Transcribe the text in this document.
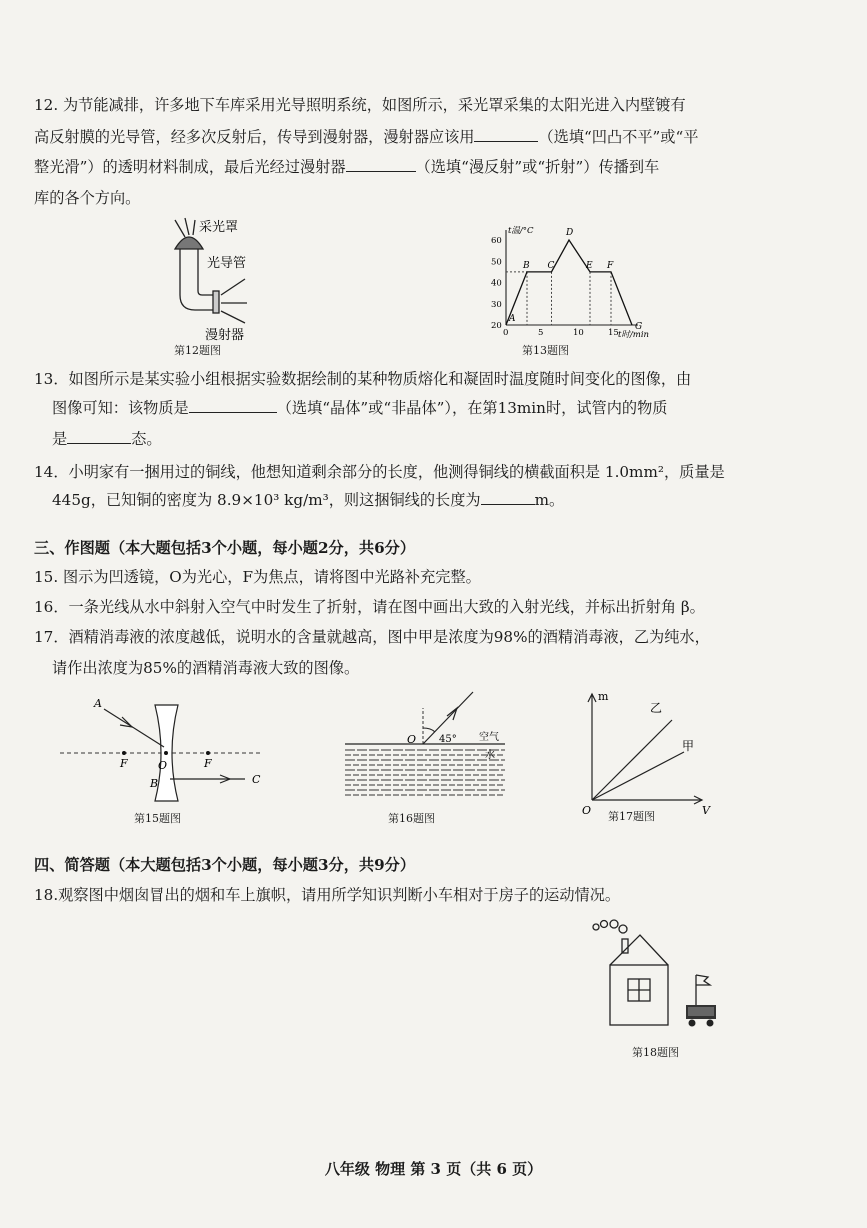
12. 为节能减排，许多地下车库采用光导照明系统，如图所示，采光罩采集的太阳光进入内壁镀有
高反射膜的光导管，经多次反射后，传导到漫射器，漫射器应该用	（选填“凹凸不平”或“平
整光滑”）的透明材料制成，最后光经过漫射器	（选填“漫反射”或“折射”）传播到车
库的各个方向。
采光罩
光导管
漫射器
第12题图
60
50
40
30
20
0	5	10	15
A
B C
D
E F
G
t温/°C
t时/min
第13题图
13．如图所示是某实验小组根据实验数据绘制的某种物质熔化和凝固时温度随时间变化的图像，由
图像可知：该物质是	（选填“晶体”或“非晶体”），在第13min时，试管内的物质
是	态。
14．小明家有一捆用过的铜线，他想知道剩余部分的长度，他测得铜线的横截面积是 1.0mm²，质量是
445g，已知铜的密度为 8.9×10³ kg/m³，则这捆铜线的长度为	m。
三、作图题（本大题包括3个小题，每小题2分，共6分）
15. 图示为凹透镜，O为光心，F为焦点，请将图中光路补充完整。
16．一条光线从水中斜射入空气中时发生了折射，请在图中画出大致的入射光线，并标出折射角 β。
17．酒精消毒液的浓度越低，说明水的含量就越高，图中甲是浓度为98%的酒精消毒液，乙为纯水，
请作出浓度为85%的酒精消毒液大致的图像。
A
O
B	C
F	F
第15题图
O 45° 空气
水
第16题图
m
V
O
乙
甲
第17题图
四、简答题（本大题包括3个小题，每小题3分，共9分）
18.观察图中烟囱冒出的烟和车上旗帜，请用所学知识判断小车相对于房子的运动情况。
第18题图
八年级 物理 第 3 页（共 6 页）
